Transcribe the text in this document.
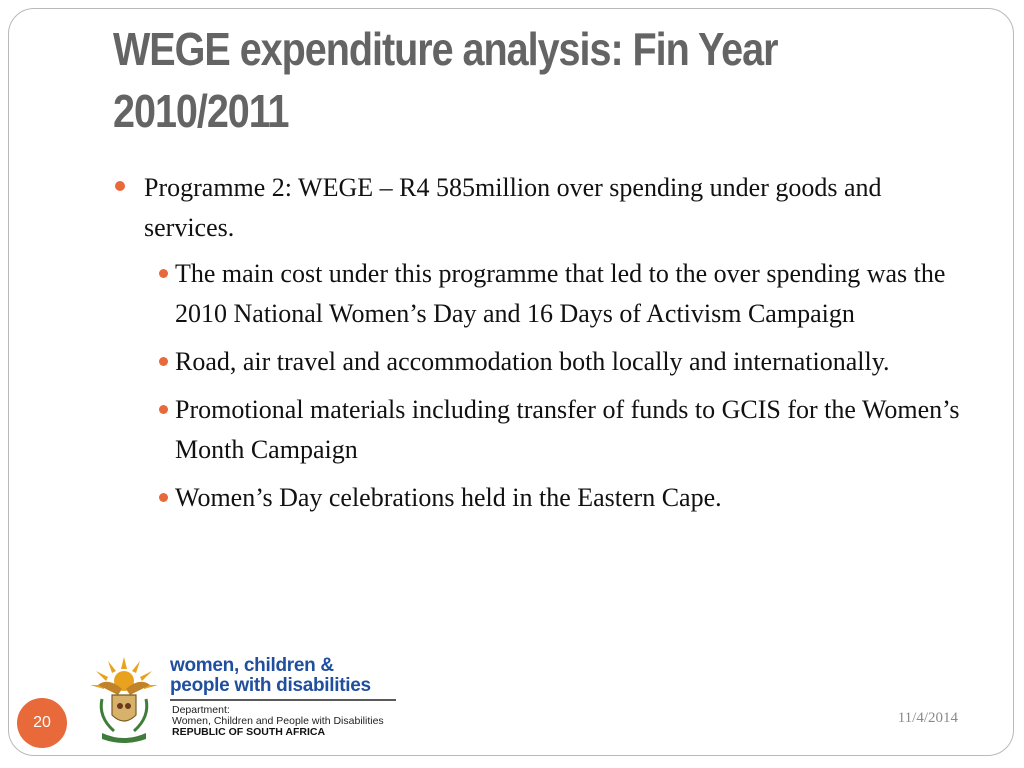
WEGE expenditure analysis: Fin Year
2010/2011
Programme 2: WEGE – R4 585million over spending under goods and services.
The main cost under this programme that led to the over spending was the 2010 National Women’s Day and 16 Days of Activism Campaign
Road, air travel and accommodation both locally and internationally.
Promotional materials including transfer of funds to GCIS for the Women’s Month Campaign
Women’s Day celebrations held in the Eastern Cape.
women, children &
people with disabilities
Department:
Women, Children and People with Disabilities
REPUBLIC OF SOUTH AFRICA
20	11/4/2014
